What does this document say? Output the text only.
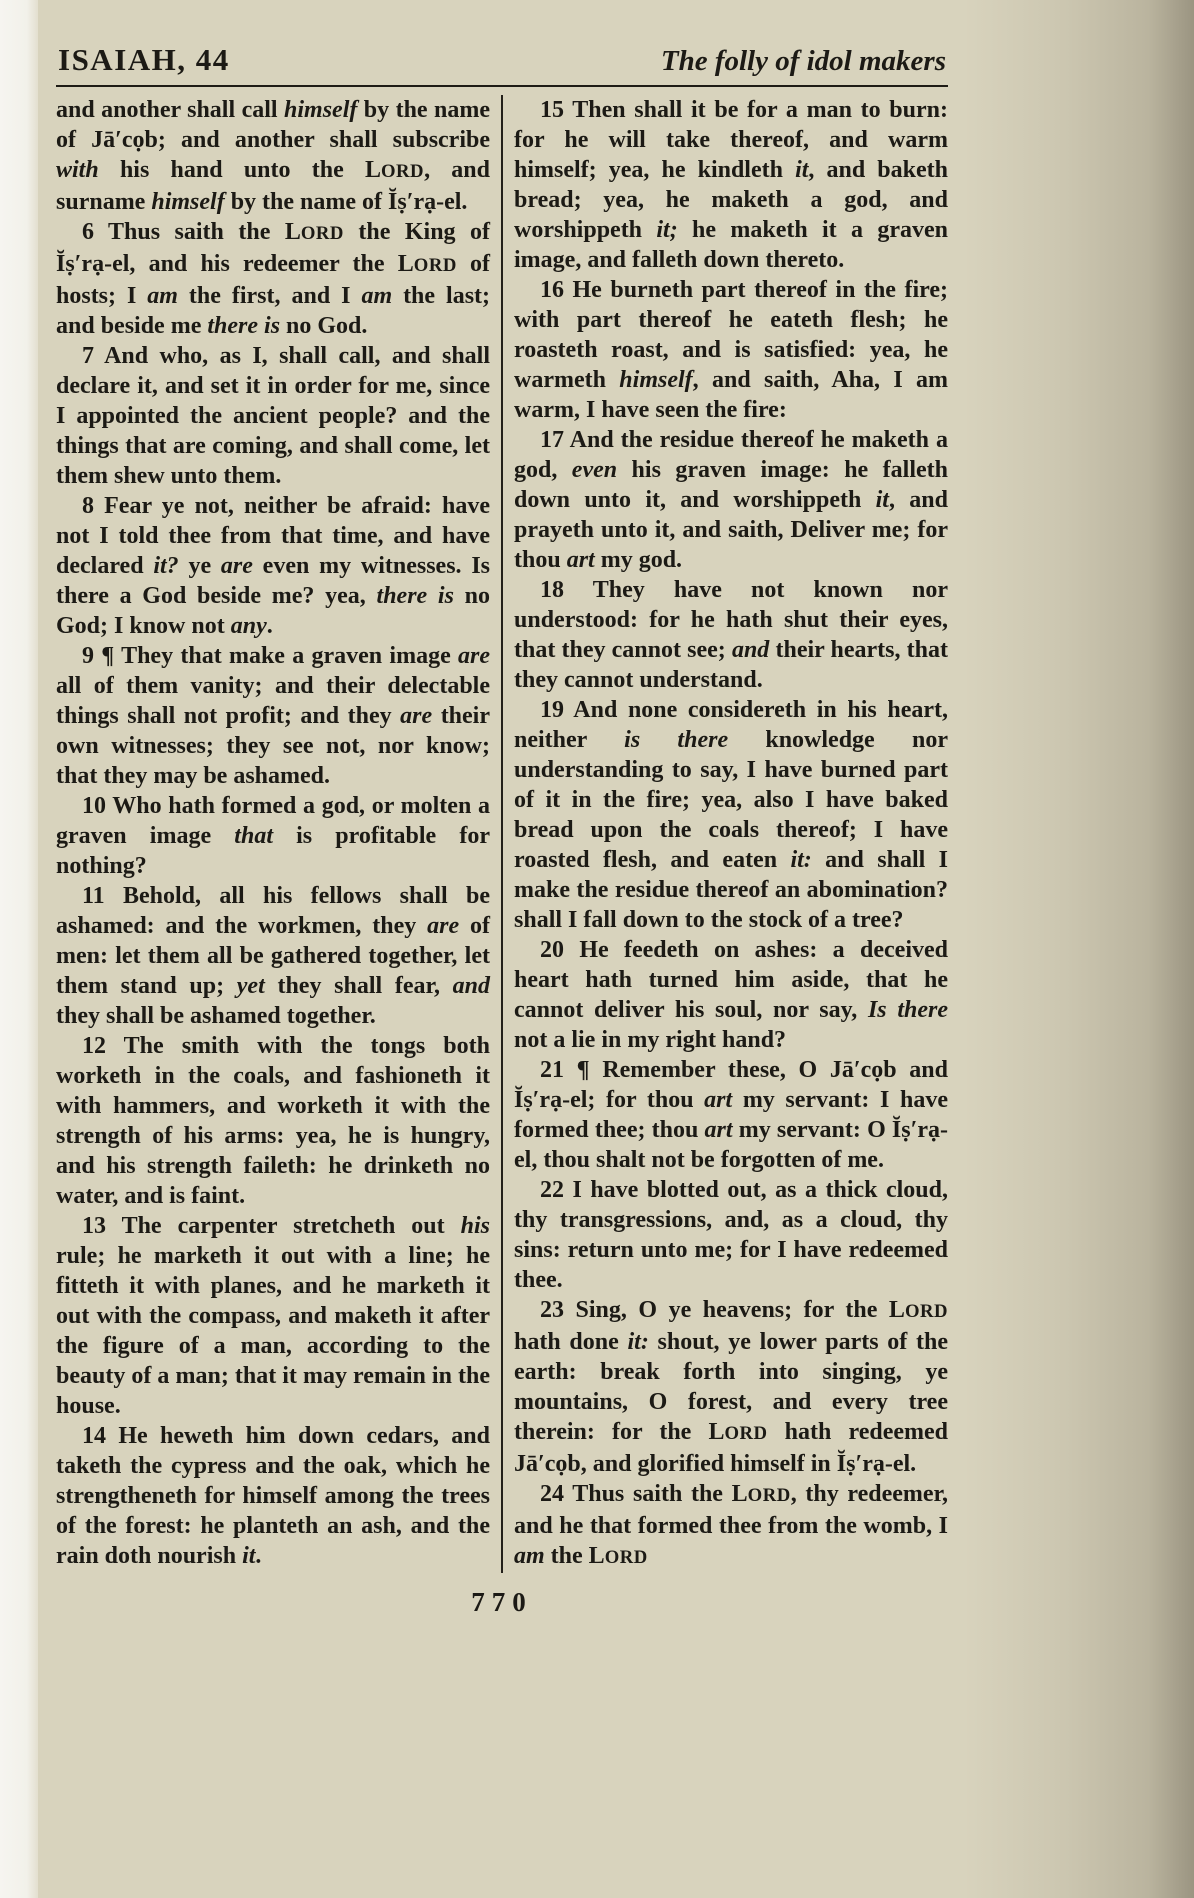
ISAIAH, 44	The folly of idol makers

and another shall call himself by the name of Jā′cọb; and another shall subscribe with his hand unto the LORD, and surname himself by the name of Ĭṣ′rạ-el.

6 Thus saith the LORD the King of Ĭṣ′rạ-el, and his redeemer the LORD of hosts; I am the first, and I am the last; and beside me there is no God.

7 And who, as I, shall call, and shall declare it, and set it in order for me, since I appointed the ancient people? and the things that are coming, and shall come, let them shew unto them.

8 Fear ye not, neither be afraid: have not I told thee from that time, and have declared it? ye are even my witnesses. Is there a God beside me? yea, there is no God; I know not any.

9 ¶ They that make a graven image are all of them vanity; and their delectable things shall not profit; and they are their own witnesses; they see not, nor know; that they may be ashamed.

10 Who hath formed a god, or molten a graven image that is profitable for nothing?

11 Behold, all his fellows shall be ashamed: and the workmen, they are of men: let them all be gathered together, let them stand up; yet they shall fear, and they shall be ashamed together.

12 The smith with the tongs both worketh in the coals, and fashioneth it with hammers, and worketh it with the strength of his arms: yea, he is hungry, and his strength faileth: he drinketh no water, and is faint.

13 The carpenter stretcheth out his rule; he marketh it out with a line; he fitteth it with planes, and he marketh it out with the compass, and maketh it after the figure of a man, according to the beauty of a man; that it may remain in the house.

14 He heweth him down cedars, and taketh the cypress and the oak, which he strengtheneth for himself among the trees of the forest: he planteth an ash, and the rain doth nourish it.

15 Then shall it be for a man to burn: for he will take thereof, and warm himself; yea, he kindleth it, and baketh bread; yea, he maketh a god, and worshippeth it; he maketh it a graven image, and falleth down thereto.

16 He burneth part thereof in the fire; with part thereof he eateth flesh; he roasteth roast, and is satisfied: yea, he warmeth himself, and saith, Aha, I am warm, I have seen the fire:

17 And the residue thereof he maketh a god, even his graven image: he falleth down unto it, and worshippeth it, and prayeth unto it, and saith, Deliver me; for thou art my god.

18 They have not known nor understood: for he hath shut their eyes, that they cannot see; and their hearts, that they cannot understand.

19 And none considereth in his heart, neither is there knowledge nor understanding to say, I have burned part of it in the fire; yea, also I have baked bread upon the coals thereof; I have roasted flesh, and eaten it: and shall I make the residue thereof an abomination? shall I fall down to the stock of a tree?

20 He feedeth on ashes: a deceived heart hath turned him aside, that he cannot deliver his soul, nor say, Is there not a lie in my right hand?

21 ¶ Remember these, O Jā′cọb and Ĭṣ′rạ-el; for thou art my servant: I have formed thee; thou art my servant: O Ĭṣ′rạ-el, thou shalt not be forgotten of me.

22 I have blotted out, as a thick cloud, thy transgressions, and, as a cloud, thy sins: return unto me; for I have redeemed thee.

23 Sing, O ye heavens; for the LORD hath done it: shout, ye lower parts of the earth: break forth into singing, ye mountains, O forest, and every tree therein: for the LORD hath redeemed Jā′cọb, and glorified himself in Ĭṣ′rạ-el.

24 Thus saith the LORD, thy redeemer, and he that formed thee from the womb, I am the LORD

770
